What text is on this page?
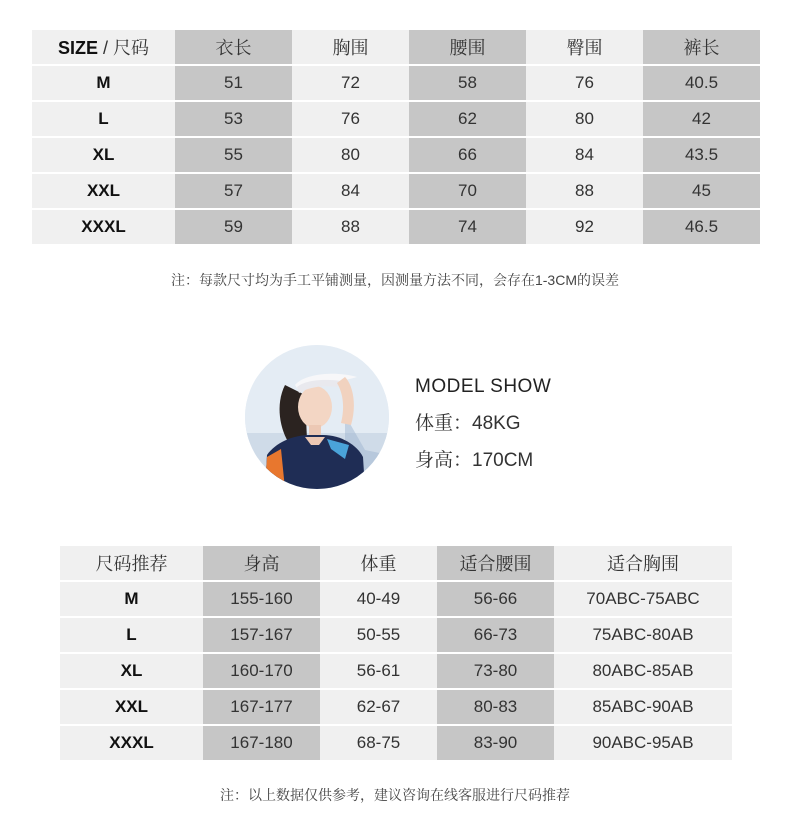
SIZE / 尺码	衣长	胸围	腰围	臀围	裤长
M	51	72	58	76	40.5
L	53	76	62	80	42
XL	55	80	66	84	43.5
XXL	57	84	70	88	45
XXXL	59	88	74	92	46.5
注：每款尺寸均为手工平铺测量，因测量方法不同，会存在1-3CM的误差
MODEL SHOW
体重：48KG
身高：170CM
尺码推荐	身高	体重	适合腰围	适合胸围
M	155-160	40-49	56-66	70ABC-75ABC
L	157-167	50-55	66-73	75ABC-80AB
XL	160-170	56-61	73-80	80ABC-85AB
XXL	167-177	62-67	80-83	85ABC-90AB
XXXL	167-180	68-75	83-90	90ABC-95AB
注：以上数据仅供参考，建议咨询在线客服进行尺码推荐
